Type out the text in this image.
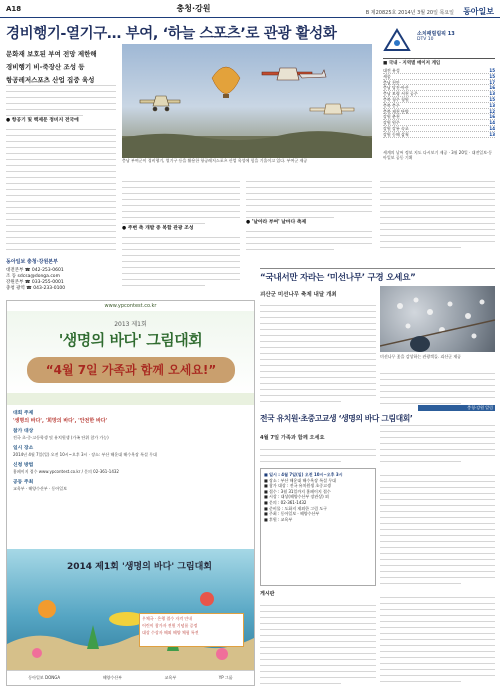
A18	충청·강원	B 제20825호 2014년 3월 20일 목요일 동아일보
경비행기-열기구… 부여, ‘하늘 스포츠’로 관광 활성화
문화재 보호된 부여 전망 제한해
경비행기 비-죽장산 조성 등
항공레저스포츠 산업 집중 육성
● 항공기 및 백제문 정비지 전국에
충남 부여군이 경비행기, 열기구 등을 활용한 항공레저스포츠 산업 육성에 힘을 기울이고 있다. 부여군 제공
소치패럴림픽 13
DTV 10
■ 국내 · 지역별 메이저 게임
대전 유성	15
세종	15
충남 천안	17
충남 당진·아산	16
충남 보령 서천 공주	13
충북 청주 청원	15
충북 충주	13
충북 제천 단양	12
강원 춘천	16
강원 원주	14
강원 강릉 속초	14
강원 동해 삼척	13
세계의 날씨 정보 지도 다시보기 제공 · 3월 20일 · 대전일보·동아일보 공동 기획
● 주변 축 개발 중 복합 관광 조성
● '날아라 부여' 날마다 축제
동아일보 충청·강원본부
대전본부 ☎ 042-253-0601
조 동 sdcsa@donga.com
강원본부 ☎ 033-255-0001
충청 광역 ☎ 043-233-0100
www.ypcontest.co.kr
2013 제1회
'생명의 바다' 그림대회
“4월 7일 가족과 함께 오세요!”
대회 주제
'생명의 바다', '희망의 바다', '안전한 바다'
참가 대상
전국 초·중·고등학생 및 유치원생 (가족 단위 참가 가능)
일시 장소
2014년 4월 7일(일) 오전 10시~오후 3시 · 장소: 부산 해운대 해수욕장 특설 무대
신청 방법
홈페이지 접수 www.ypcontest.co.kr / 문의 02-361-1432
공동 주최
교육부 · 해양수산부 · 동아일보
2014 제1회 '생명의 바다' 그림대회
우체국 · 은행 접수 자격 안내
어린이 참가자 전원 기념품 증정
대상 수상자 해외 해양 체험 특전
동아일보 DONGA	해양수산부	교육부	YP 그룹
“국내서만 자라는 ‘미선나무’ 구경 오세요”
괴산군 미선나무 축제 내달 개최
미선나무 꽃을 감상하는 관광객들. 괴산군 제공
충청·강원 알림
전국 유치원·초중고교생 ‘생명의 바다 그림대회’
4월 7일 가족과 함께 오세요
■ 일시 : 4월 7일(일) 오전 10시~오후 3시
■ 장소 : 부산 해운대 해수욕장 특설 무대
■ 참가 대상 : 전국 유치원생 초중고생
■ 접수 : 3월 31일까지 홈페이지 접수
■ 시상 : 대상(해양수산부 장관상) 외
■ 문의 : 02-361-1432
■ 준비물 : 도화지 제외한 그림 도구
■ 주최 : 동아일보 · 해양수산부
■ 후원 : 교육부
게시판
